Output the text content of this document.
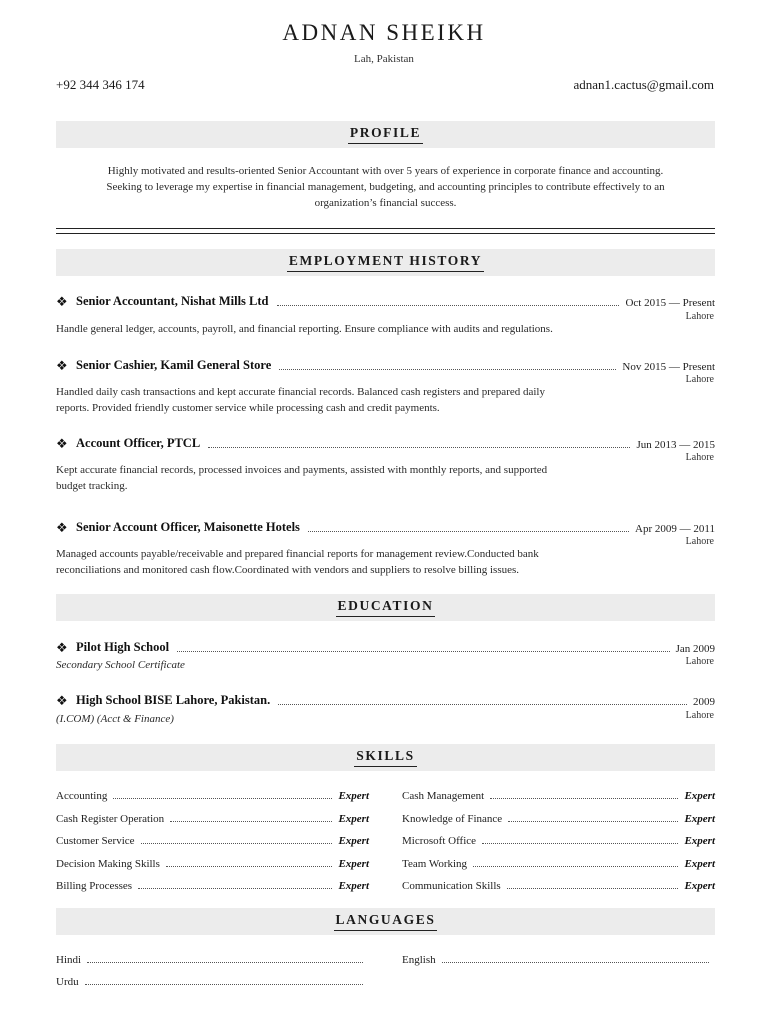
ADNAN SHEIKH
Lah, Pakistan
+92 344 346 174	adnan1.cactus@gmail.com
PROFILE
Highly motivated and results-oriented Senior Accountant with over 5 years of experience in corporate finance and accounting.
Seeking to leverage my expertise in financial management, budgeting, and accounting principles to contribute effectively to an
organization’s financial success.
EMPLOYMENT HISTORY
❖ Senior Accountant, Nishat Mills Ltd	Oct 2015 — Present
Lahore
Handle general ledger, accounts, payroll, and financial reporting. Ensure compliance with audits and regulations.
❖ Senior Cashier, Kamil General Store	Nov 2015 — Present
Lahore
Handled daily cash transactions and kept accurate financial records. Balanced cash registers and prepared daily
reports. Provided friendly customer service while processing cash and credit payments.
❖ Account Officer, PTCL	Jun 2013 — 2015
Lahore
Kept accurate financial records, processed invoices and payments, assisted with monthly reports, and supported
budget tracking.
❖ Senior Account Officer, Maisonette Hotels	Apr 2009 — 2011
Lahore
Managed accounts payable/receivable and prepared financial reports for management review.Conducted bank
reconciliations and monitored cash flow.Coordinated with vendors and suppliers to resolve billing issues.
EDUCATION
❖ Pilot High School	Jan 2009
Lahore
Secondary School Certificate
❖ High School BISE Lahore, Pakistan.	2009
Lahore
(I.COM) (Acct & Finance)
SKILLS
Accounting	Expert
Cash Register Operation	Expert
Customer Service	Expert
Decision Making Skills	Expert
Billing Processes	Expert
Cash Management	Expert
Knowledge of Finance	Expert
Microsoft Office	Expert
Team Working	Expert
Communication Skills	Expert
LANGUAGES
Hindi
Urdu
English
